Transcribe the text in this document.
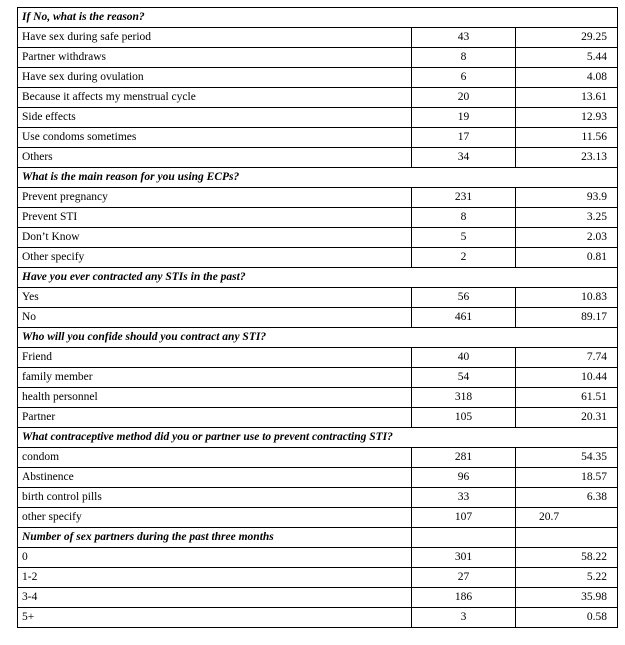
If No, what is the reason?		
Have sex during safe period	43	29.25
Partner withdraws	8	5.44
Have sex during ovulation	6	4.08
Because it affects my menstrual cycle	20	13.61
Side effects	19	12.93
Use condoms sometimes	17	11.56
Others	34	23.13
What is the main reason for you using ECPs?		
Prevent pregnancy	231	93.9
Prevent STI	8	3.25
Don’t Know	5	2.03
Other specify	2	0.81
Have you ever contracted any STIs in the past?		
Yes	56	10.83
No	461	89.17
Who will you confide should you contract any STI?		
Friend	40	7.74
family member	54	10.44
health personnel	318	61.51
Partner	105	20.31
What contraceptive method did you or partner use to prevent contracting STI?		
condom	281	54.35
Abstinence	96	18.57
birth control pills	33	6.38
other specify	107	20.7
Number of sex partners during the past three months		
0	301	58.22
1-2	27	5.22
3-4	186	35.98
5+	3	0.58
